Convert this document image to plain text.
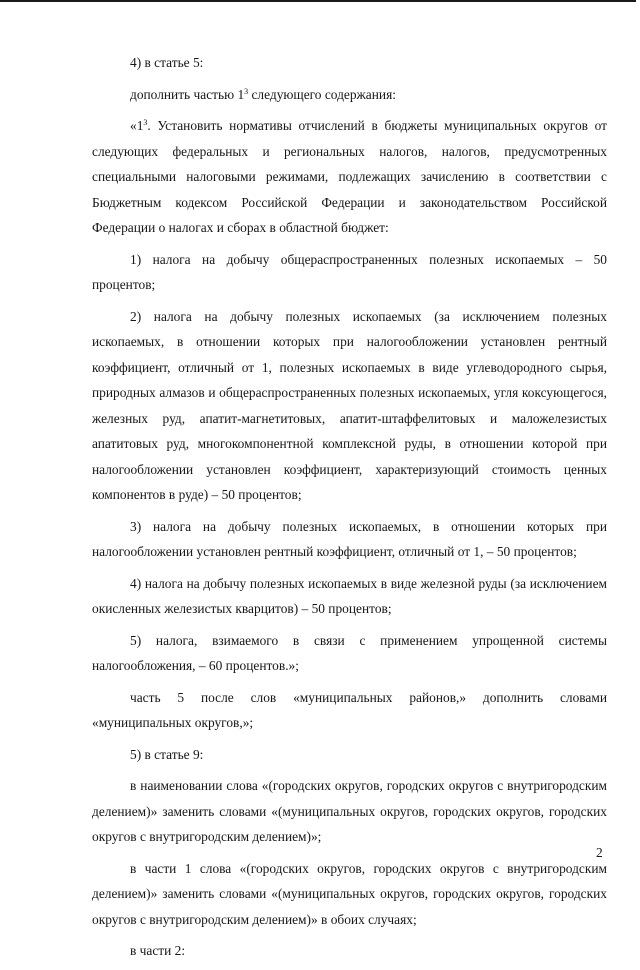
4) в статье 5:

дополнить частью $1^3$ следующего содержания:

«$1^3$. Установить нормативы отчислений в бюджеты муниципальных округов от следующих федеральных и региональных налогов, налогов, предусмотренных специальными налоговыми режимами, подлежащих зачислению в соответствии с Бюджетным кодексом Российской Федерации и законодательством Российской Федерации о налогах и сборах в областной бюджет:

1) налога на добычу общераспространенных полезных ископаемых – 50 процентов;

2) налога на добычу полезных ископаемых (за исключением полезных ископаемых, в отношении которых при налогообложении установлен рентный коэффициент, отличный от 1, полезных ископаемых в виде углеводородного сырья, природных алмазов и общераспространенных полезных ископаемых, угля коксующегося, железных руд, апатит-магнетитовых, апатит-штаффелитовых и маложелезистых апатитовых руд, многокомпонентной комплексной руды, в отношении которой при налогообложении установлен коэффициент, характеризующий стоимость ценных компонентов в руде) – 50 процентов;

3) налога на добычу полезных ископаемых, в отношении которых при налогообложении установлен рентный коэффициент, отличный от 1, – 50 процентов;

4) налога на добычу полезных ископаемых в виде железной руды (за исключением окисленных железистых кварцитов) – 50 процентов;

5) налога, взимаемого в связи с применением упрощенной системы налогообложения, – 60 процентов.»;

часть 5 после слов «муниципальных районов,» дополнить словами «муниципальных округов,»;

5) в статье 9:

в наименовании слова «(городских округов, городских округов с внутригородским делением)» заменить словами «(муниципальных округов, городских округов, городских округов с внутригородским делением)»;

в части 1 слова «(городских округов, городских округов с внутригородским делением)» заменить словами «(муниципальных округов, городских округов, городских округов с внутригородским делением)» в обоих случаях;

в части 2:

2
